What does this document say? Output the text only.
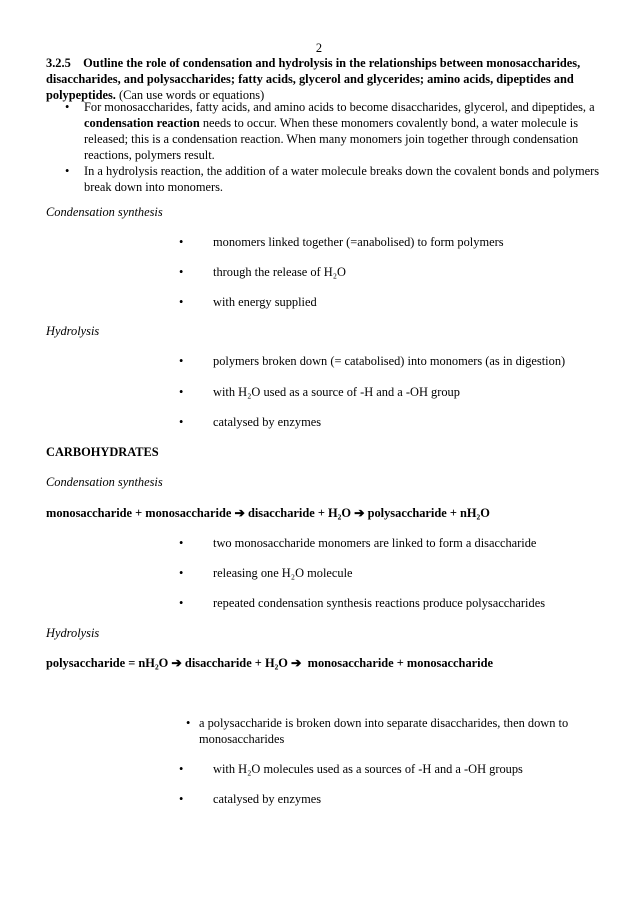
2
3.2.5 Outline the role of condensation and hydrolysis in the relationships between monosaccharides, disaccharides, and polysaccharides; fatty acids, glycerol and glycerides; amino acids, dipeptides and polypeptides. (Can use words or equations)
• For monosaccharides, fatty acids, and amino acids to become disaccharides, glycerol, and dipeptides, a condensation reaction needs to occur. When these monomers covalently bond, a water molecule is released; this is a condensation reaction. When many monomers join together through condensation reactions, polymers result.
• In a hydrolysis reaction, the addition of a water molecule breaks down the covalent bonds and polymers break down into monomers.
Condensation synthesis
•	monomers linked together (=anabolised) to form polymers
•	through the release of H₂O
•	with energy supplied
Hydrolysis
•	polymers broken down (= catabolised) into monomers (as in digestion)
•	with H₂O used as a source of -H and a -OH group
•	catalysed by enzymes
CARBOHYDRATES
Condensation synthesis
monosaccharide + monosaccharide ➔ disaccharide + H₂O ➔ polysaccharide + nH₂O
•	two monosaccharide monomers are linked to form a disaccharide
•	releasing one H₂O molecule
•	repeated condensation synthesis reactions produce polysaccharides
Hydrolysis
polysaccharide = nH₂O ➔ disaccharide + H₂O ➔ monosaccharide + monosaccharide
• a polysaccharide is broken down into separate disaccharides, then down to monosaccharides
•	with H₂O molecules used as a sources of -H and a -OH groups
•	catalysed by enzymes
